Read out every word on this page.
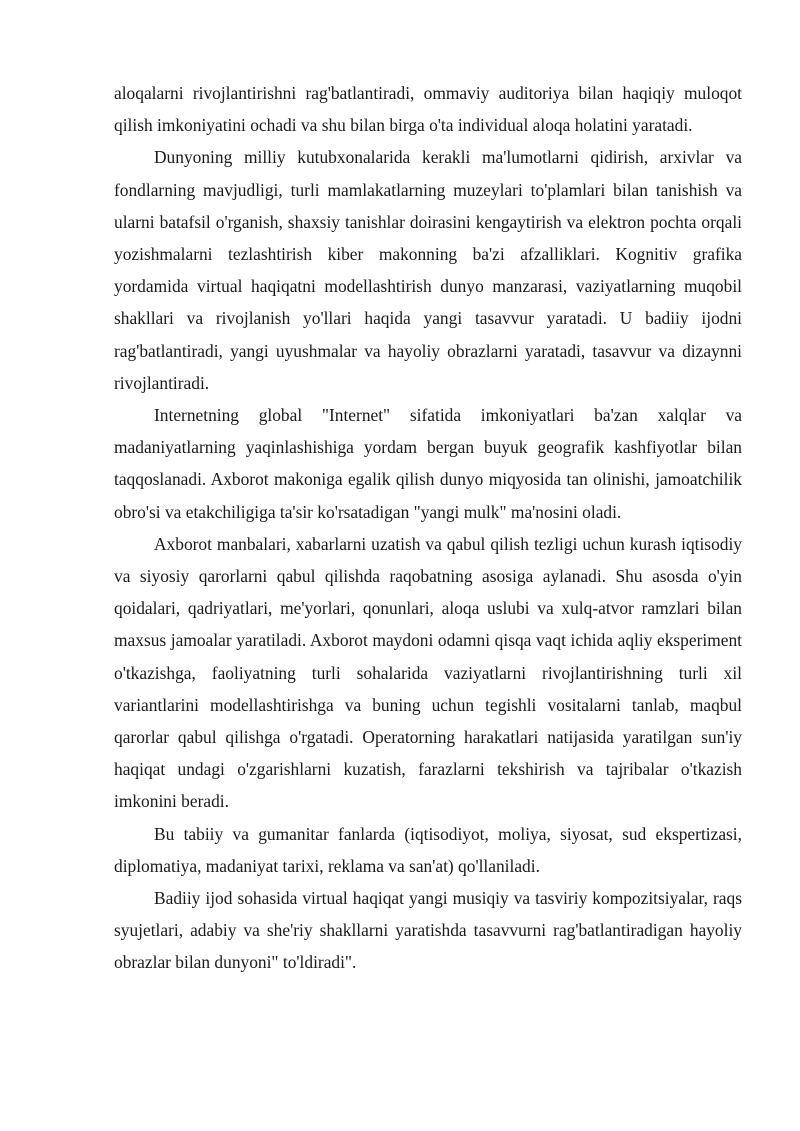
aloqalarni rivojlantirishni rag'batlantiradi, ommaviy auditoriya bilan haqiqiy muloqot qilish imkoniyatini ochadi va shu bilan birga o'ta individual aloqa holatini yaratadi.

Dunyoning milliy kutubxonalarida kerakli ma'lumotlarni qidirish, arxivlar va fondlarning mavjudligi, turli mamlakatlarning muzeylari to'plamlari bilan tanishish va ularni batafsil o'rganish, shaxsiy tanishlar doirasini kengaytirish va elektron pochta orqali yozishmalarni tezlashtirish kiber makonning ba'zi afzalliklari. Kognitiv grafika yordamida virtual haqiqatni modellashtirish dunyo manzarasi, vaziyatlarning muqobil shakllari va rivojlanish yo'llari haqida yangi tasavvur yaratadi. U badiiy ijodni rag'batlantiradi, yangi uyushmalar va hayoliy obrazlarni yaratadi, tasavvur va dizaynni rivojlantiradi.

Internetning global "Internet" sifatida imkoniyatlari ba'zan xalqlar va madaniyatlarning yaqinlashishiga yordam bergan buyuk geografik kashfiyotlar bilan taqqoslanadi. Axborot makoniga egalik qilish dunyo miqyosida tan olinishi, jamoatchilik obro'si va etakchiligiga ta'sir ko'rsatadigan "yangi mulk" ma'nosini oladi.

Axborot manbalari, xabarlarni uzatish va qabul qilish tezligi uchun kurash iqtisodiy va siyosiy qarorlarni qabul qilishda raqobatning asosiga aylanadi. Shu asosda o'yin qoidalari, qadriyatlari, me'yorlari, qonunlari, aloqa uslubi va xulq-atvor ramzlari bilan maxsus jamoalar yaratiladi. Axborot maydoni odamni qisqa vaqt ichida aqliy eksperiment o'tkazishga, faoliyatning turli sohalarida vaziyatlarni rivojlantirishning turli xil variantlarini modellashtirishga va buning uchun tegishli vositalarni tanlab, maqbul qarorlar qabul qilishga o'rgatadi. Operatorning harakatlari natijasida yaratilgan sun'iy haqiqat undagi o'zgarishlarni kuzatish, farazlarni tekshirish va tajribalar o'tkazish imkonini beradi.

Bu tabiiy va gumanitar fanlarda (iqtisodiyot, moliya, siyosat, sud ekspertizasi, diplomatiya, madaniyat tarixi, reklama va san'at) qo'llaniladi.

Badiiy ijod sohasida virtual haqiqat yangi musiqiy va tasviriy kompozitsiyalar, raqs syujetlari, adabiy va she'riy shakllarni yaratishda tasavvurni rag'batlantiradigan hayoliy obrazlar bilan dunyoni" to'ldiradi".
